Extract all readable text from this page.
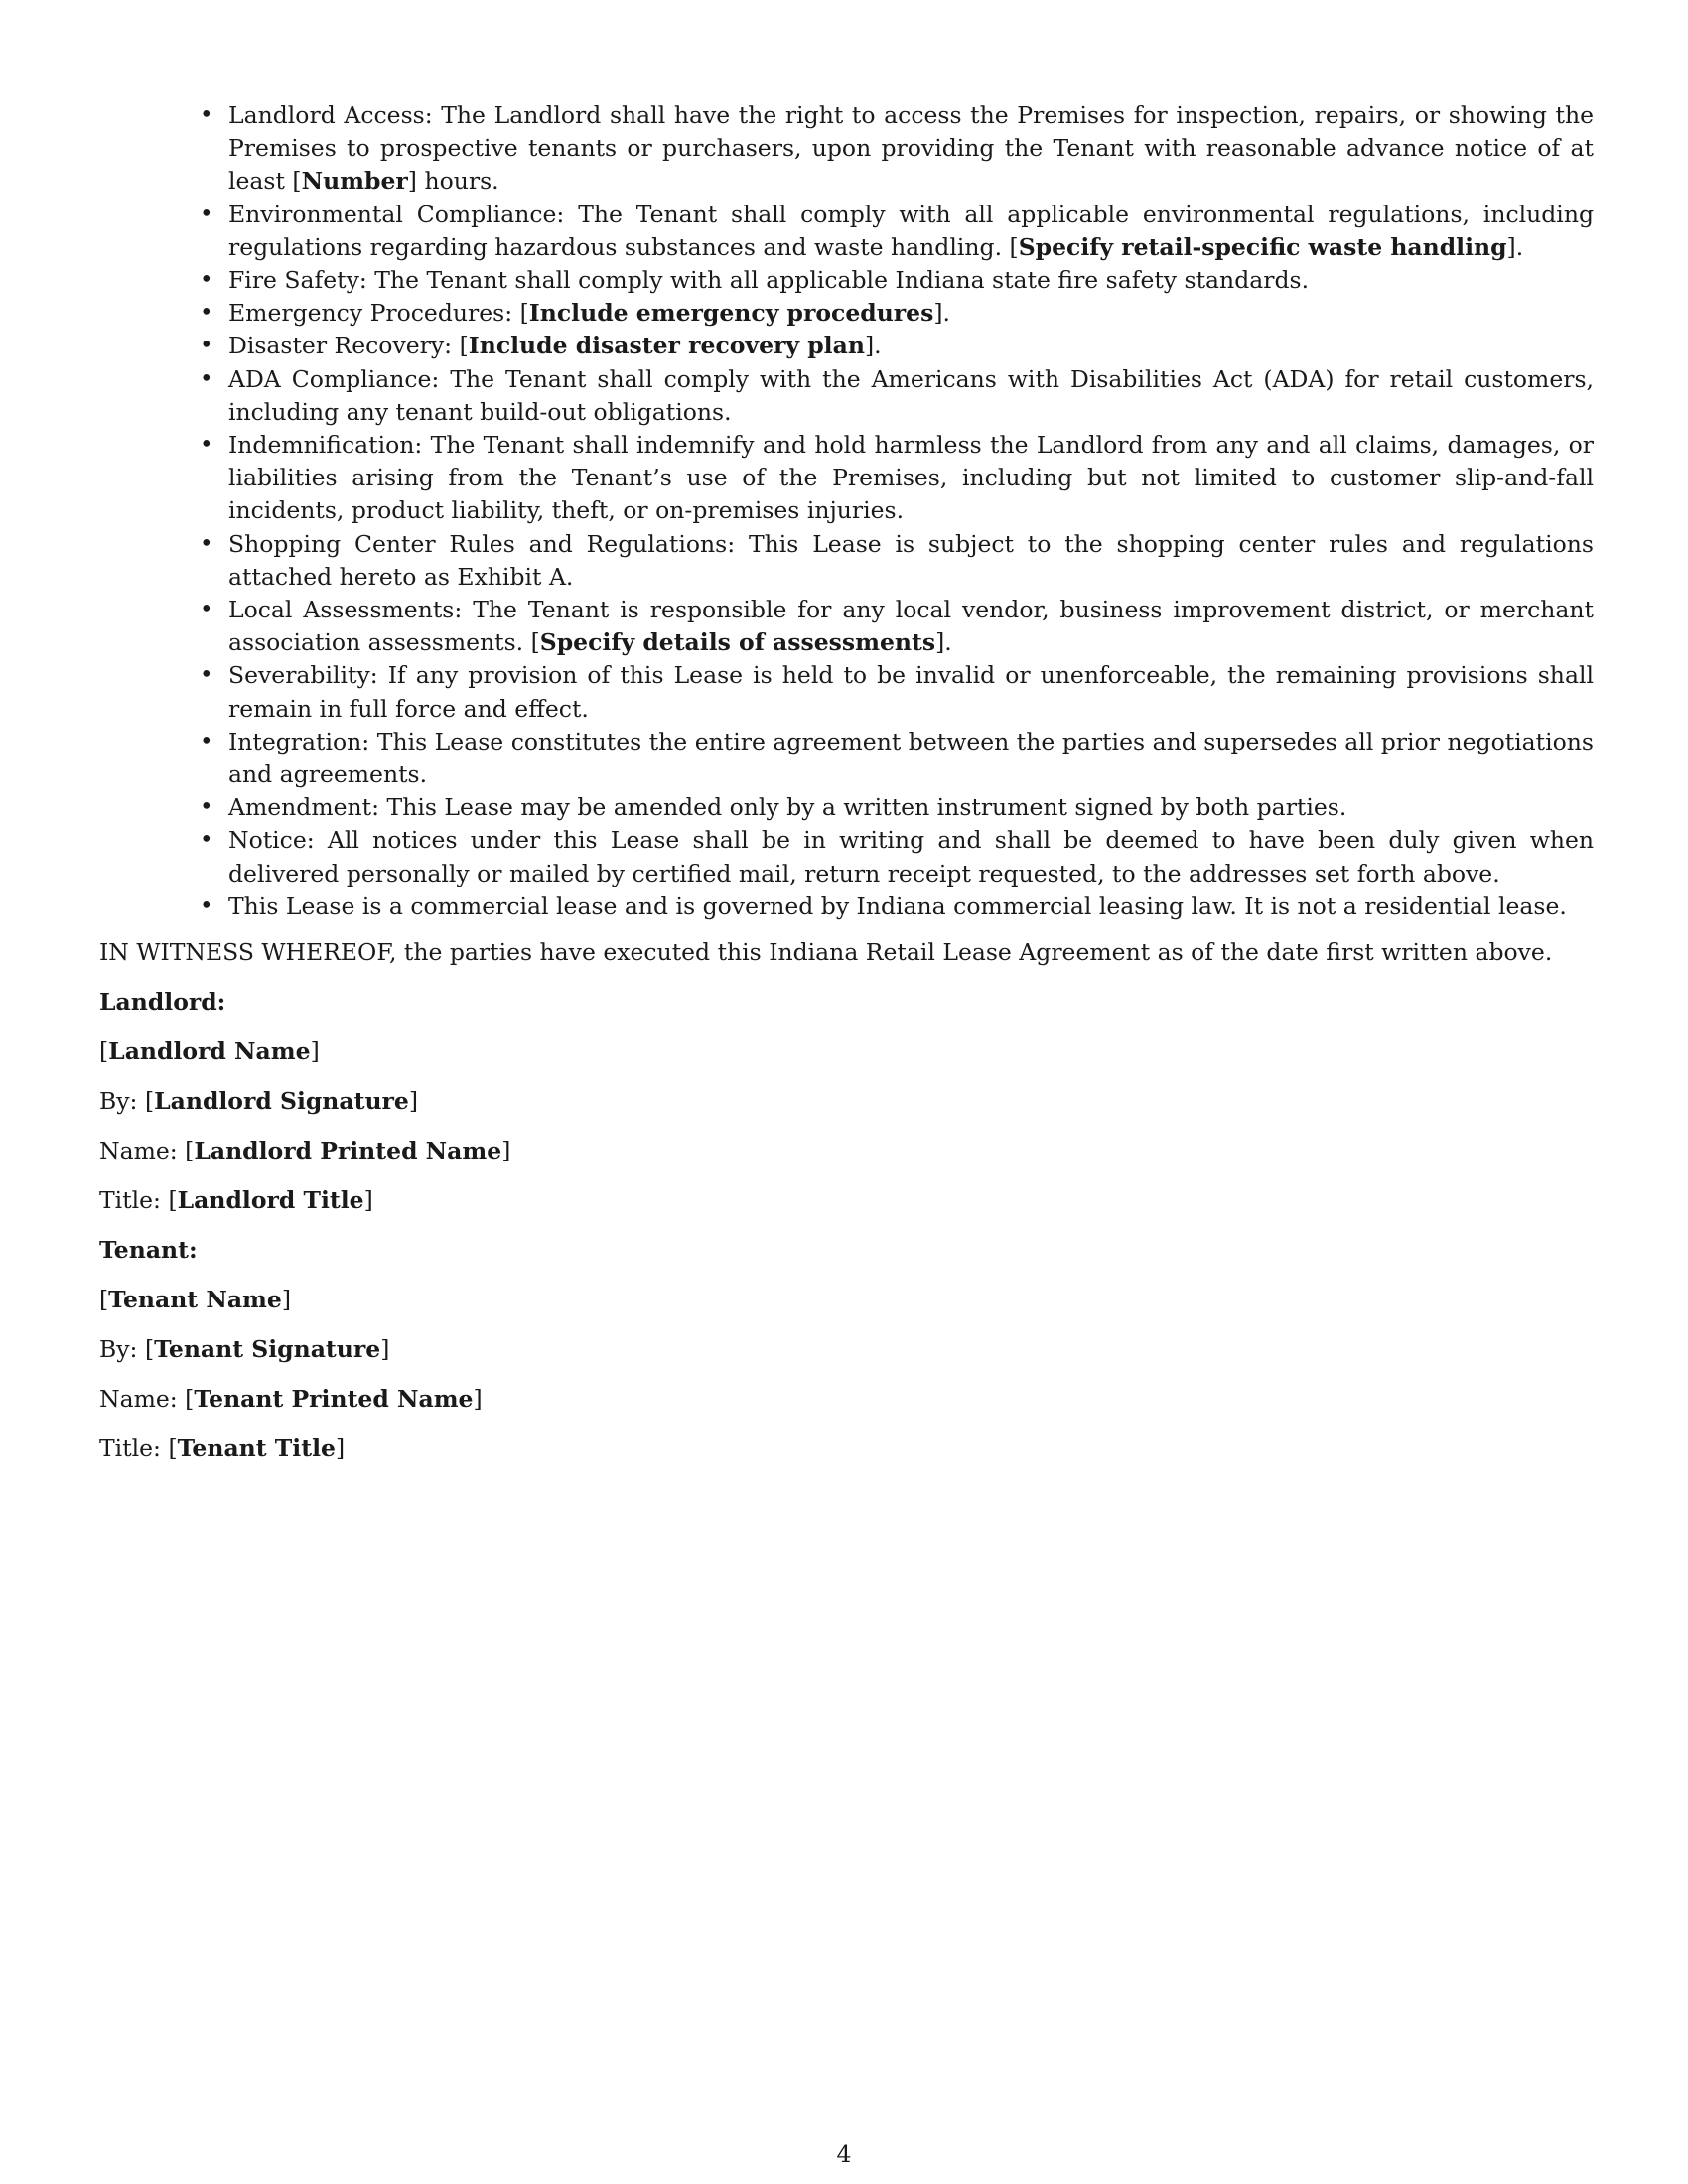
• Landlord Access: The Landlord shall have the right to access the Premises for inspection, repairs, or showing the Premises to prospective tenants or purchasers, upon providing the Tenant with reasonable advance notice of at least [Number] hours.
• Environmental Compliance: The Tenant shall comply with all applicable environmental regulations, including regulations regarding hazardous substances and waste handling. [Specify retail-specific waste handling].
• Fire Safety: The Tenant shall comply with all applicable Indiana state fire safety standards.
• Emergency Procedures: [Include emergency procedures].
• Disaster Recovery: [Include disaster recovery plan].
• ADA Compliance: The Tenant shall comply with the Americans with Disabilities Act (ADA) for retail customers, including any tenant build-out obligations.
• Indemnification: The Tenant shall indemnify and hold harmless the Landlord from any and all claims, damages, or liabilities arising from the Tenant’s use of the Premises, including but not limited to customer slip-and-fall incidents, product liability, theft, or on-premises injuries.
• Shopping Center Rules and Regulations: This Lease is subject to the shopping center rules and regulations attached hereto as Exhibit A.
• Local Assessments: The Tenant is responsible for any local vendor, business improvement district, or merchant association assessments. [Specify details of assessments].
• Severability: If any provision of this Lease is held to be invalid or unenforceable, the remaining provisions shall remain in full force and effect.
• Integration: This Lease constitutes the entire agreement between the parties and supersedes all prior negotiations and agreements.
• Amendment: This Lease may be amended only by a written instrument signed by both parties.
• Notice: All notices under this Lease shall be in writing and shall be deemed to have been duly given when delivered personally or mailed by certified mail, return receipt requested, to the addresses set forth above.
• This Lease is a commercial lease and is governed by Indiana commercial leasing law. It is not a residential lease.

IN WITNESS WHEREOF, the parties have executed this Indiana Retail Lease Agreement as of the date first written above.

Landlord:

[Landlord Name]

By: [Landlord Signature]

Name: [Landlord Printed Name]

Title: [Landlord Title]

Tenant:

[Tenant Name]

By: [Tenant Signature]

Name: [Tenant Printed Name]

Title: [Tenant Title]

4
